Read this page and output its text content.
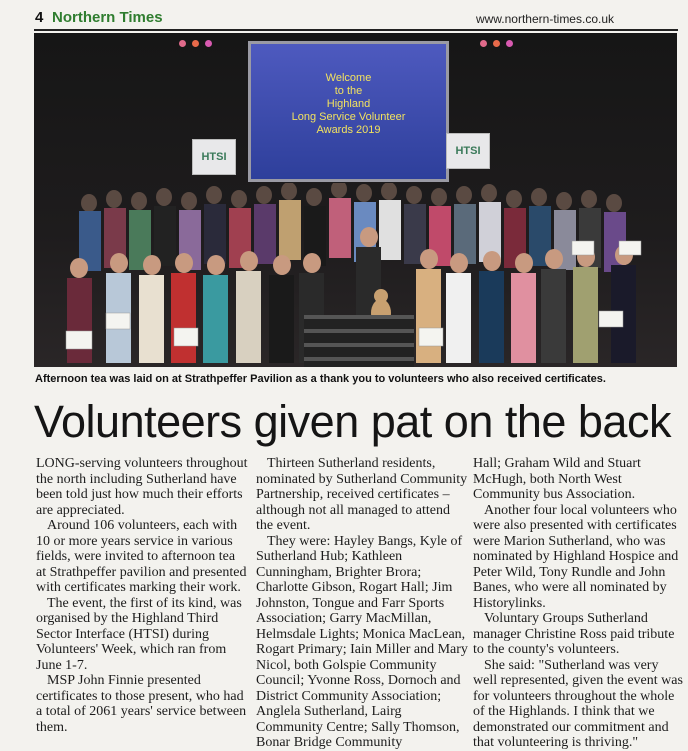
4 Northern Times	www.northern-times.co.uk
Welcome
to the
Highland
Long Service Volunteer
Awards 2019
HTSI	HTSI
Afternoon tea was laid on at Strathpeffer Pavilion as a thank you to volunteers who also received certificates.
Volunteers given pat on the back

LONG-serving volunteers throughout the north including Sutherland have been told just how much their efforts are appreciated.

Around 106 volunteers, each with 10 or more years service in various fields, were invited to afternoon tea at Strathpeffer pavilion and presented with certificates marking their work.

The event, the first of its kind, was organised by the Highland Third Sector Interface (HTSI) during Volunteers' Week, which ran from June 1-7.

MSP John Finnie presented certificates to those present, who had a total of 2061 years' service between them.

Thirteen Sutherland residents, nominated by Sutherland Community Partnership, received certificates – although not all managed to attend the event.

They were: Hayley Bangs, Kyle of Sutherland Hub; Kathleen Cunningham, Brighter Brora; Charlotte Gibson, Rogart Hall; Jim Johnston, Tongue and Farr Sports Association; Garry MacMillan, Helmsdale Lights; Monica MacLean, Rogart Primary; Iain Miller and Mary Nicol, both Golspie Community Council; Yvonne Ross, Dornoch and District Community Association; Anglela Sutherland, Lairg Community Centre; Sally Thomson, Bonar Bridge Community

Hall; Graham Wild and Stuart McHugh, both North West Community bus Association.

Another four local volunteers who were also presented with certificates were Marion Sutherland, who was nominated by Highland Hospice and Peter Wild, Tony Rundle and John Banes, who were all nominated by Historylinks.

Voluntary Groups Sutherland manager Christine Ross paid tribute to the county's volunteers.

She said: "Sutherland was very well represented, given the event was for volunteers throughout the whole of the Highlands. I think that we demonstrated our commitment and that volunteering is thriving."
